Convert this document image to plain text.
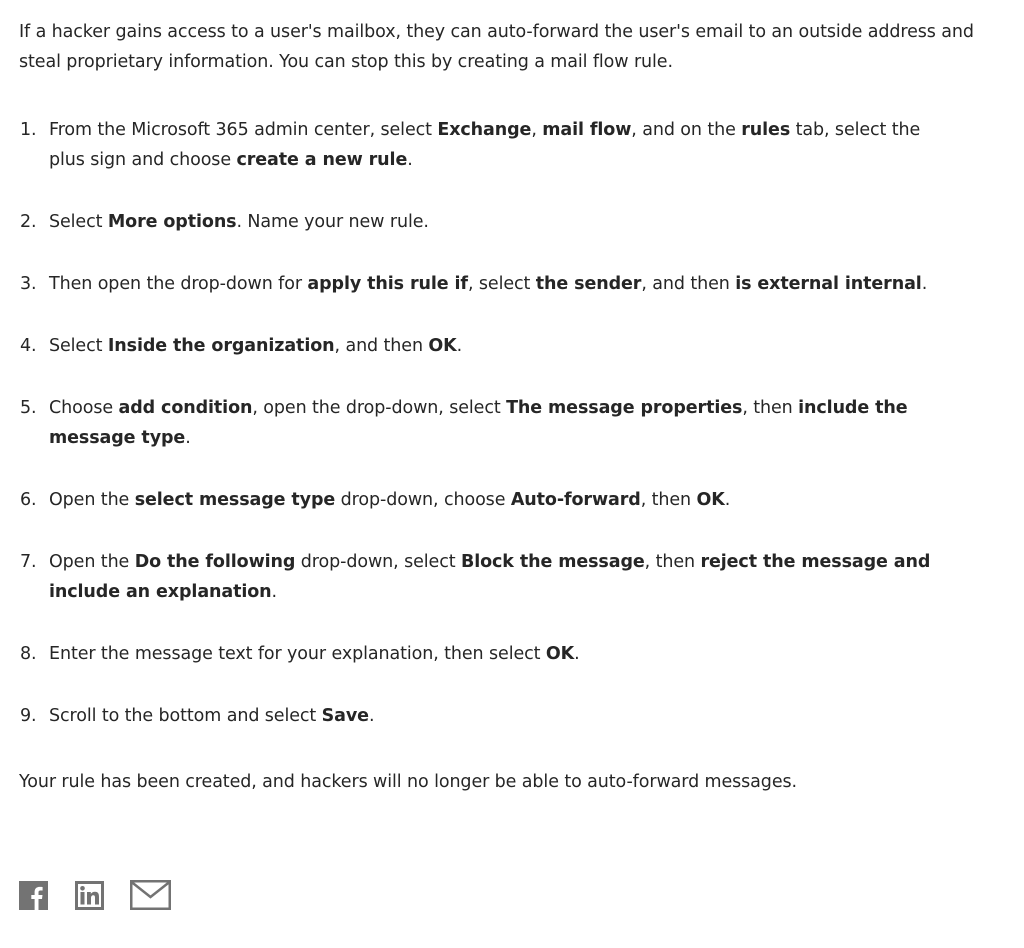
If a hacker gains access to a user's mailbox, they can auto-forward the user's email to an outside address and steal proprietary information. You can stop this by creating a mail flow rule.

1. From the Microsoft 365 admin center, select Exchange, mail flow, and on the rules tab, select the plus sign and choose create a new rule.
2. Select More options. Name your new rule.
3. Then open the drop-down for apply this rule if, select the sender, and then is external internal.
4. Select Inside the organization, and then OK.
5. Choose add condition, open the drop-down, select The message properties, then include the message type.
6. Open the select message type drop-down, choose Auto-forward, then OK.
7. Open the Do the following drop-down, select Block the message, then reject the message and include an explanation.
8. Enter the message text for your explanation, then select OK.
9. Scroll to the bottom and select Save.

Your rule has been created, and hackers will no longer be able to auto-forward messages.
